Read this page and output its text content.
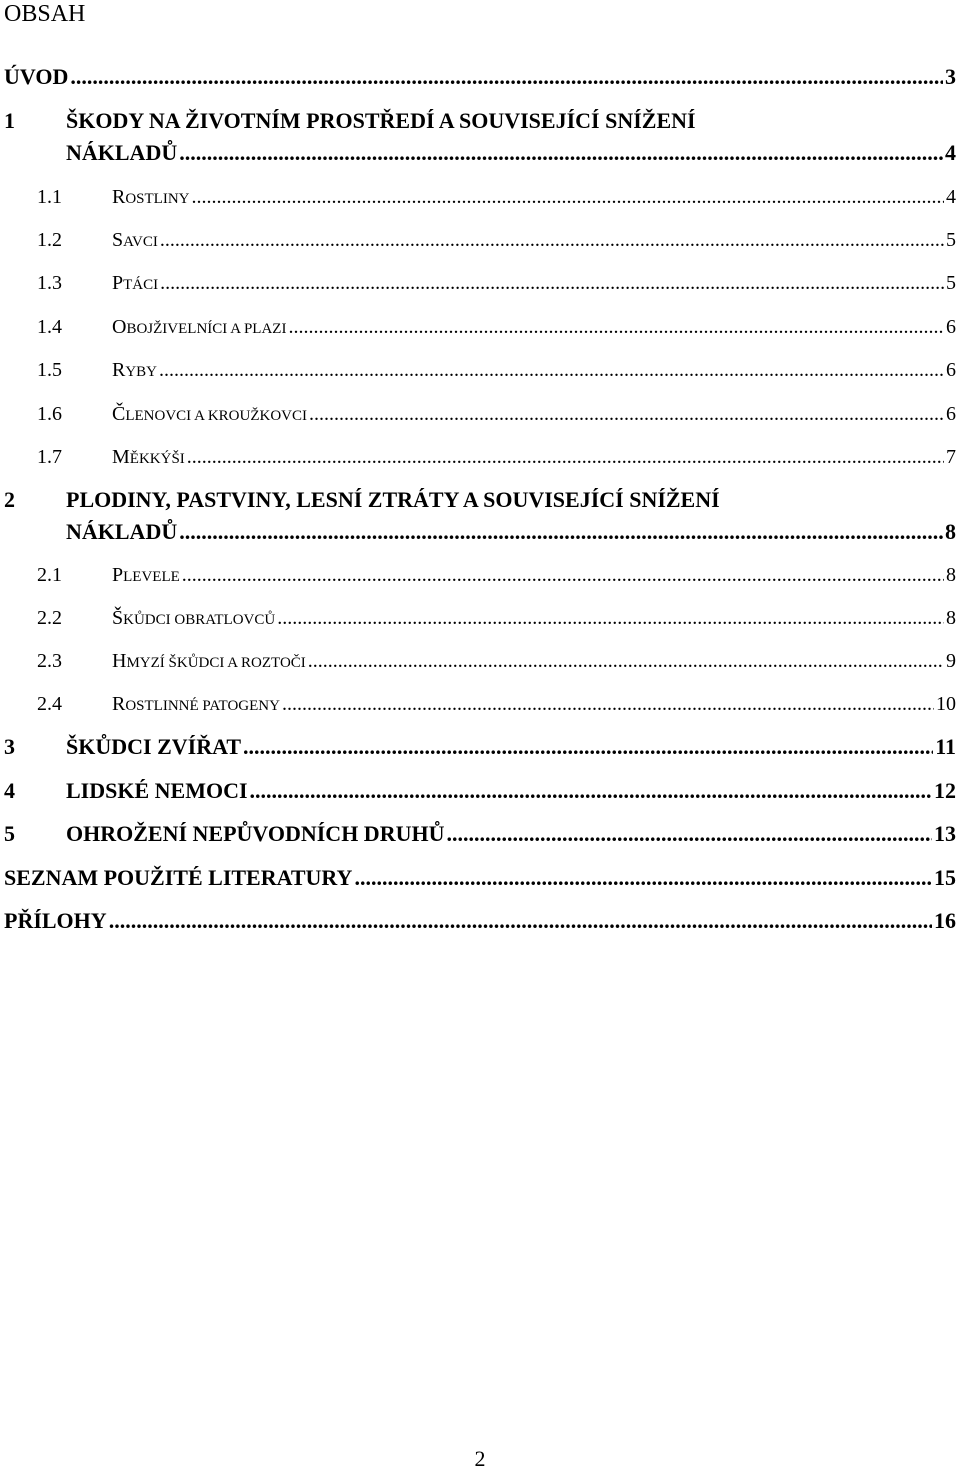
OBSAH
ÚVOD .....	3
1 ŠKODY NA ŽIVOTNÍM PROSTŘEDÍ A SOUVISEJÍCÍ SNÍŽENÍ
NÁKLADŮ .....	4
1.1	ROSTLINY .....	4
1.2	SAVCI .....	5
1.3	PTÁCI .....	5
1.4	OBOJŽIVELNÍCI A PLAZI .....	6
1.5	RYBY .....	6
1.6	ČLENOVCI A KROUŽKOVCI .....	6
1.7	MĚKKÝŠI .....	7
2 PLODINY, PASTVINY, LESNÍ ZTRÁTY A SOUVISEJÍCÍ SNÍŽENÍ
NÁKLADŮ .....	8
2.1	PLEVELE .....	8
2.2	ŠKŮDCI OBRATLOVCŮ .....	8
2.3	HMYZÍ ŠKŮDCI A ROZTOČI .....	9
2.4	ROSTLINNÉ PATOGENY .....	10
3 ŠKŮDCI ZVÍŘAT .....	11
4 LIDSKÉ NEMOCI .....	12
5 OHROŽENÍ NEPŮVODNÍCH DRUHŮ .....	13
SEZNAM POUŽITÉ LITERATURY .....	15
PŘÍLOHY .....	16
2
